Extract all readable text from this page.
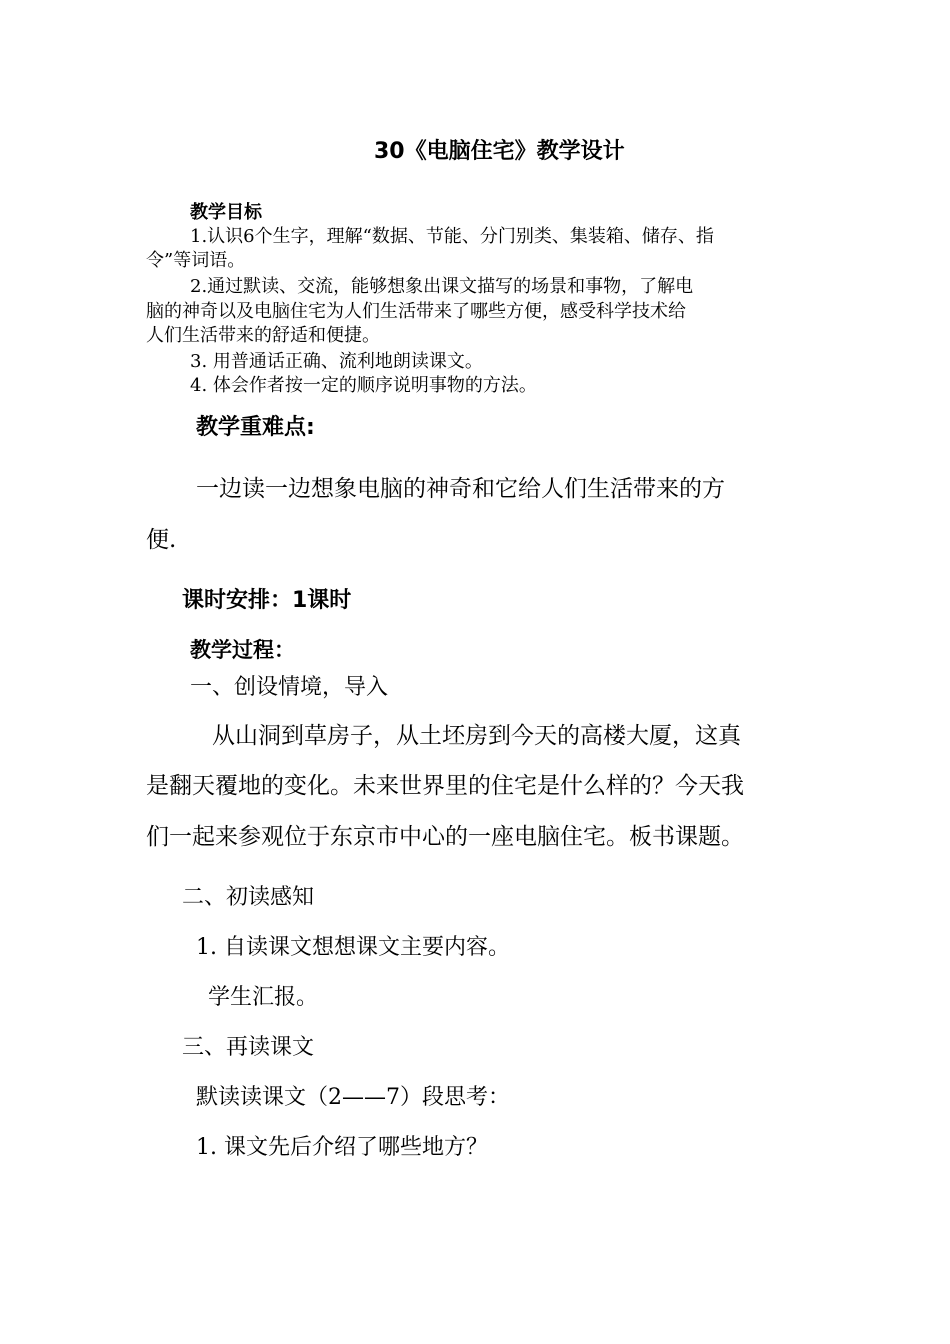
30《电脑住宅》教学设计
教学目标
1.认识6个生字，理解“数据、节能、分门别类、集装箱、储存、指
令”等词语。
2.通过默读、交流，能够想象出课文描写的场景和事物，了解电
脑的神奇以及电脑住宅为人们生活带来了哪些方便，感受科学技术给
人们生活带来的舒适和便捷。
3. 用普通话正确、流利地朗读课文。
4. 体会作者按一定的顺序说明事物的方法。
教学重难点:
一边读一边想象电脑的神奇和它给人们生活带来的方
便.
课时安排：1课时
教学过程：
一、创设情境，导入
从山洞到草房子，从土坯房到今天的高楼大厦，这真
是翻天覆地的变化。未来世界里的住宅是什么样的？今天我
们一起来参观位于东京市中心的一座电脑住宅。板书课题。
二、初读感知
1. 自读课文想想课文主要内容。
学生汇报。
三、再读课文
默读读课文（2——7）段思考：
1. 课文先后介绍了哪些地方？
